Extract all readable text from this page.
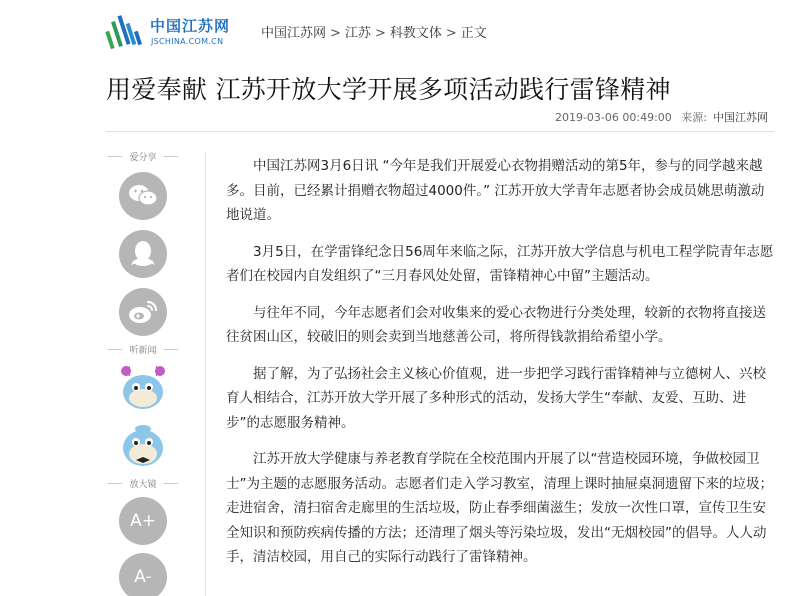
中国江苏网
JSCHINA.COM.CN
中国江苏网 > 江苏 > 科教文体 > 正文
用爱奉献 江苏开放大学开展多项活动践行雷锋精神
2019-03-06 00:49:00 来源: 中国江苏网
爱分享
听新闻
放大镜
A+
A-

中国江苏网3月6日讯 “今年是我们开展爱心衣物捐赠活动的第5年，参与的同学越来越多。目前，已经累计捐赠衣物超过4000件。” 江苏开放大学青年志愿者协会成员姚思萌激动地说道。

3月5日，在学雷锋纪念日56周年来临之际，江苏开放大学信息与机电工程学院青年志愿者们在校园内自发组织了“三月春风处处留，雷锋精神心中留”主题活动。

与往年不同，今年志愿者们会对收集来的爱心衣物进行分类处理，较新的衣物将直接送往贫困山区，较破旧的则会卖到当地慈善公司，将所得钱款捐给希望小学。

据了解，为了弘扬社会主义核心价值观，进一步把学习践行雷锋精神与立德树人、兴校育人相结合，江苏开放大学开展了多种形式的活动，发扬大学生“奉献、友爱、互助、进步”的志愿服务精神。

江苏开放大学健康与养老教育学院在全校范围内开展了以“营造校园环境，争做校园卫士”为主题的志愿服务活动。志愿者们走入学习教室，清理上课时抽屉桌洞遗留下来的垃圾；走进宿舍，清扫宿舍走廊里的生活垃圾，防止春季细菌滋生；发放一次性口罩，宣传卫生安全知识和预防疾病传播的方法；还清理了烟头等污染垃圾，发出“无烟校园”的倡导。人人动手，清洁校园，用自己的实际行动践行了雷锋精神。
